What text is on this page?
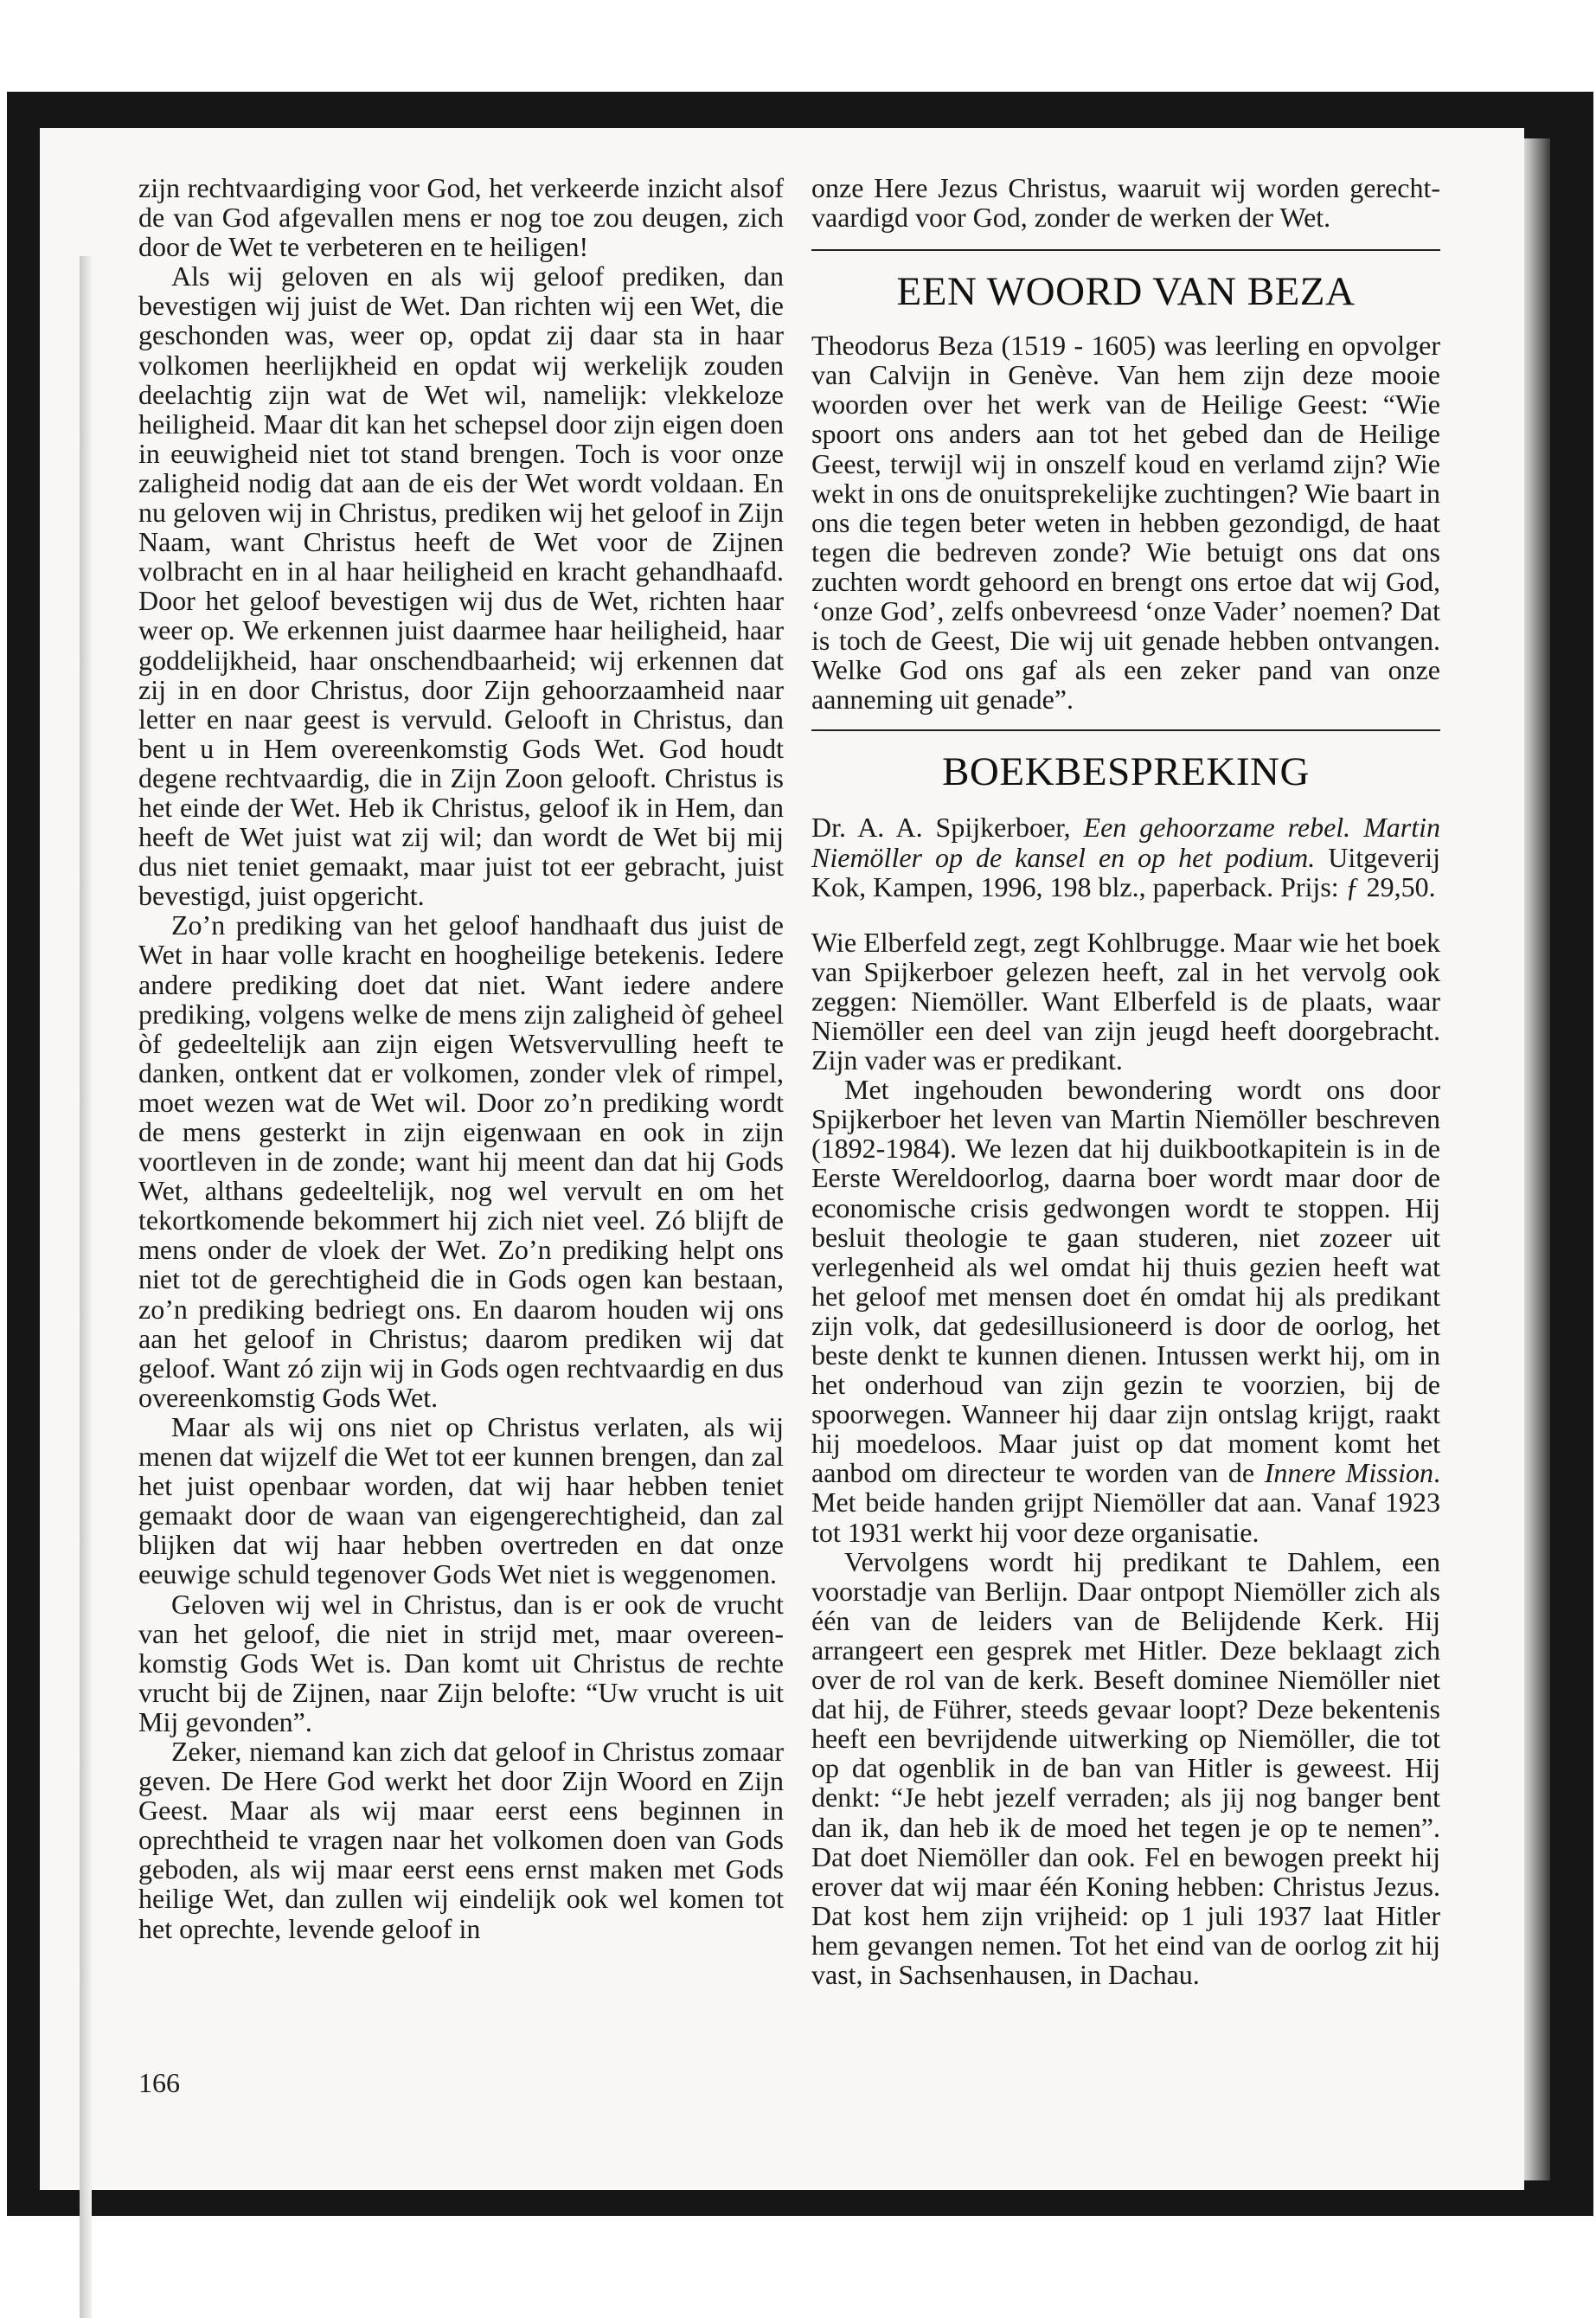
zijn rechtvaardiging voor God, het verkeerde inzicht alsof de van God afgevallen mens er nog toe zou deugen, zich door de Wet te verbeteren en te heiligen!

Als wij geloven en als wij geloof prediken, dan bevestigen wij juist de Wet. Dan richten wij een Wet, die geschonden was, weer op, opdat zij daar sta in haar volkomen heerlijkheid en opdat wij werkelijk zouden deelachtig zijn wat de Wet wil, namelijk: vlekkeloze heiligheid. Maar dit kan het schepsel door zijn eigen doen in eeuwigheid niet tot stand brengen. Toch is voor onze zaligheid nodig dat aan de eis der Wet wordt voldaan. En nu geloven wij in Christus, prediken wij het geloof in Zijn Naam, want Christus heeft de Wet voor de Zijnen volbracht en in al haar heiligheid en kracht gehandhaafd. Door het geloof bevestigen wij dus de Wet, richten haar weer op. We erkennen juist daarmee haar heiligheid, haar goddelijkheid, haar onschendbaarheid; wij erkennen dat zij in en door Christus, door Zijn gehoorzaamheid naar letter en naar geest is vervuld. Gelooft in Christus, dan bent u in Hem overeenkomstig Gods Wet. God houdt degene rechtvaardig, die in Zijn Zoon gelooft. Christus is het einde der Wet. Heb ik Christus, geloof ik in Hem, dan heeft de Wet juist wat zij wil; dan wordt de Wet bij mij dus niet teniet gemaakt, maar juist tot eer gebracht, juist bevestigd, juist opgericht.

Zo’n prediking van het geloof handhaaft dus juist de Wet in haar volle kracht en hoogheilige betekenis. Iedere andere prediking doet dat niet. Want iedere andere prediking, volgens welke de mens zijn zaligheid òf geheel òf gedeeltelijk aan zijn eigen Wetsvervulling heeft te danken, ontkent dat er volkomen, zonder vlek of rimpel, moet wezen wat de Wet wil. Door zo’n prediking wordt de mens gesterkt in zijn eigenwaan en ook in zijn voortleven in de zonde; want hij meent dan dat hij Gods Wet, althans gedeeltelijk, nog wel vervult en om het tekortkomende bekommert hij zich niet veel. Zó blijft de mens onder de vloek der Wet. Zo’n prediking helpt ons niet tot de gerechtigheid die in Gods ogen kan bestaan, zo’n prediking bedriegt ons. En daarom houden wij ons aan het geloof in Christus; daarom prediken wij dat geloof. Want zó zijn wij in Gods ogen rechtvaardig en dus overeenkomstig Gods Wet.

Maar als wij ons niet op Christus verlaten, als wij menen dat wijzelf die Wet tot eer kunnen brengen, dan zal het juist openbaar worden, dat wij haar hebben teniet gemaakt door de waan van eigengerechtigheid, dan zal blijken dat wij haar hebben overtreden en dat onze eeuwige schuld tegenover Gods Wet niet is weggenomen.

Geloven wij wel in Christus, dan is er ook de vrucht van het geloof, die niet in strijd met, maar overeenkomstig Gods Wet is. Dan komt uit Christus de rechte vrucht bij de Zijnen, naar Zijn belofte: “Uw vrucht is uit Mij gevonden”.

Zeker, niemand kan zich dat geloof in Christus zomaar geven. De Here God werkt het door Zijn Woord en Zijn Geest. Maar als wij maar eerst eens beginnen in oprechtheid te vragen naar het volkomen doen van Gods geboden, als wij maar eerst eens ernst maken met Gods heilige Wet, dan zullen wij eindelijk ook wel komen tot het oprechte, levende geloof in

onze Here Jezus Christus, waaruit wij worden gerechtvaardigd voor God, zonder de werken der Wet.

EEN WOORD VAN BEZA

Theodorus Beza (1519 - 1605) was leerling en opvolger van Calvijn in Genève. Van hem zijn deze mooie woorden over het werk van de Heilige Geest: “Wie spoort ons anders aan tot het gebed dan de Heilige Geest, terwijl wij in onszelf koud en verlamd zijn? Wie wekt in ons de onuitsprekelijke zuchtingen? Wie baart in ons die tegen beter weten in hebben gezondigd, de haat tegen die bedreven zonde? Wie betuigt ons dat ons zuchten wordt gehoord en brengt ons ertoe dat wij God, ‘onze God’, zelfs onbevreesd ‘onze Vader’ noemen? Dat is toch de Geest, Die wij uit genade hebben ontvangen. Welke God ons gaf als een zeker pand van onze aanneming uit genade”.

BOEKBESPREKING

Dr. A. A. Spijkerboer, Een gehoorzame rebel. Martin Niemöller op de kansel en op het podium. Uitgeverij Kok, Kampen, 1996, 198 blz., paperback. Prijs: ƒ 29,50.

Wie Elberfeld zegt, zegt Kohlbrugge. Maar wie het boek van Spijkerboer gelezen heeft, zal in het vervolg ook zeggen: Niemöller. Want Elberfeld is de plaats, waar Niemöller een deel van zijn jeugd heeft doorgebracht. Zijn vader was er predikant.

Met ingehouden bewondering wordt ons door Spijkerboer het leven van Martin Niemöller beschreven (1892-1984). We lezen dat hij duikbootkapitein is in de Eerste Wereldoorlog, daarna boer wordt maar door de economische crisis gedwongen wordt te stoppen. Hij besluit theologie te gaan studeren, niet zozeer uit verlegenheid als wel omdat hij thuis gezien heeft wat het geloof met mensen doet én omdat hij als predikant zijn volk, dat gedesillusioneerd is door de oorlog, het beste denkt te kunnen dienen. Intussen werkt hij, om in het onderhoud van zijn gezin te voorzien, bij de spoorwegen. Wanneer hij daar zijn ontslag krijgt, raakt hij moedeloos. Maar juist op dat moment komt het aanbod om directeur te worden van de Innere Mission. Met beide handen grijpt Niemöller dat aan. Vanaf 1923 tot 1931 werkt hij voor deze organisatie.

Vervolgens wordt hij predikant te Dahlem, een voorstadje van Berlijn. Daar ontpopt Niemöller zich als één van de leiders van de Belijdende Kerk. Hij arrangeert een gesprek met Hitler. Deze beklaagt zich over de rol van de kerk. Beseft dominee Niemöller niet dat hij, de Führer, steeds gevaar loopt? Deze bekentenis heeft een bevrijdende uitwerking op Niemöller, die tot op dat ogenblik in de ban van Hitler is geweest. Hij denkt: “Je hebt jezelf verraden; als jij nog banger bent dan ik, dan heb ik de moed het tegen je op te nemen”. Dat doet Niemöller dan ook. Fel en bewogen preekt hij erover dat wij maar één Koning hebben: Christus Jezus. Dat kost hem zijn vrijheid: op 1 juli 1937 laat Hitler hem gevangen nemen. Tot het eind van de oorlog zit hij vast, in Sachsenhausen, in Dachau.

166
